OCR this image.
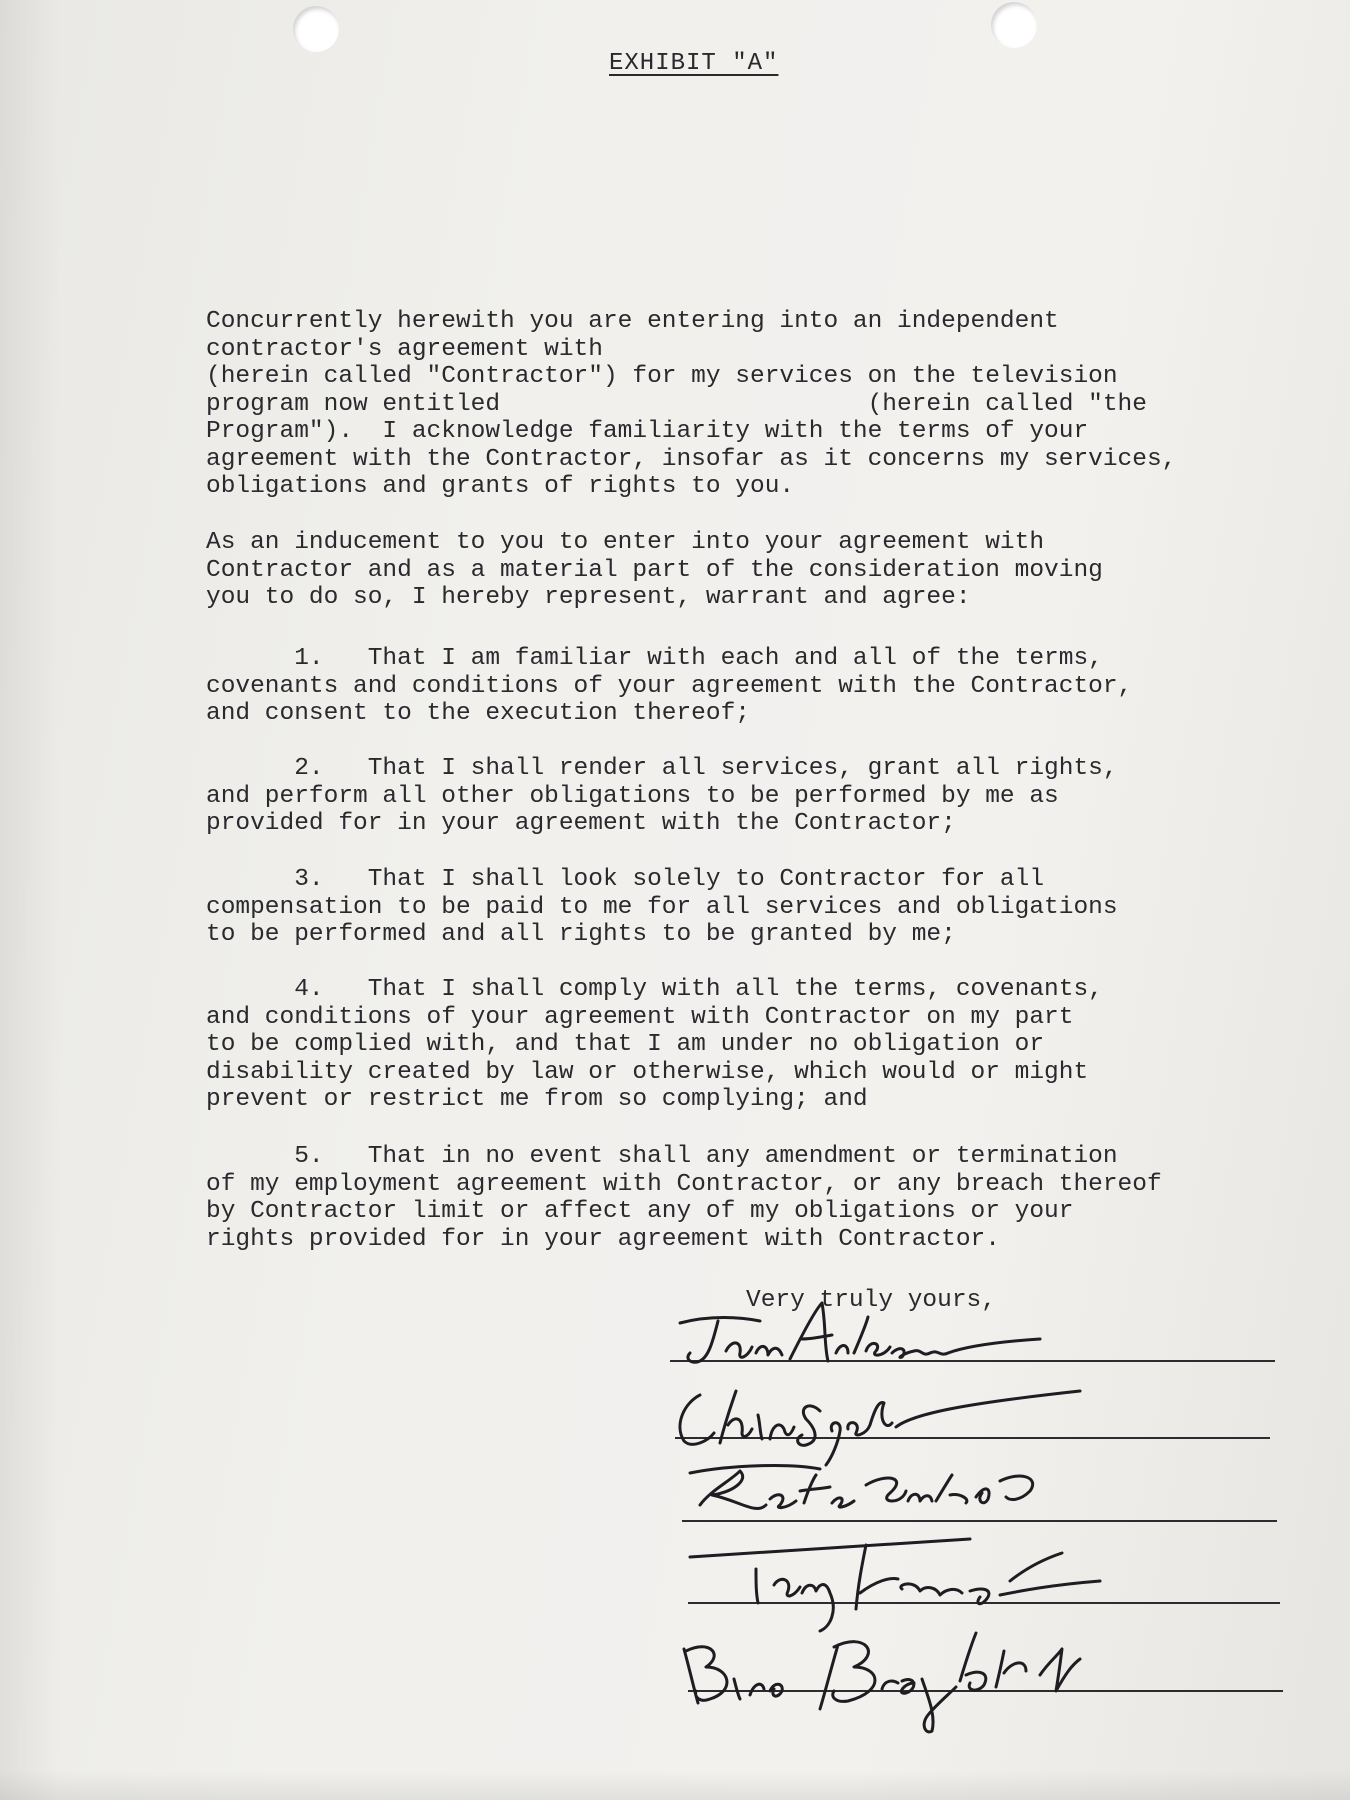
EXHIBIT "A"
Concurrently herewith you are entering into an independent
contractor's agreement with
(herein called "Contractor") for my services on the television
program now entitled                         (herein called "the
Program").  I acknowledge familiarity with the terms of your
agreement with the Contractor, insofar as it concerns my services,
obligations and grants of rights to you.
As an inducement to you to enter into your agreement with
Contractor and as a material part of the consideration moving
you to do so, I hereby represent, warrant and agree:
1.   That I am familiar with each and all of the terms,
covenants and conditions of your agreement with the Contractor,
and consent to the execution thereof;
2.   That I shall render all services, grant all rights,
and perform all other obligations to be performed by me as
provided for in your agreement with the Contractor;
3.   That I shall look solely to Contractor for all
compensation to be paid to me for all services and obligations
to be performed and all rights to be granted by me;
4.   That I shall comply with all the terms, covenants,
and conditions of your agreement with Contractor on my part
to be complied with, and that I am under no obligation or
disability created by law or otherwise, which would or might
prevent or restrict me from so complying; and
5.   That in no event shall any amendment or termination
of my employment agreement with Contractor, or any breach thereof
by Contractor limit or affect any of my obligations or your
rights provided for in your agreement with Contractor.
Very truly yours,
